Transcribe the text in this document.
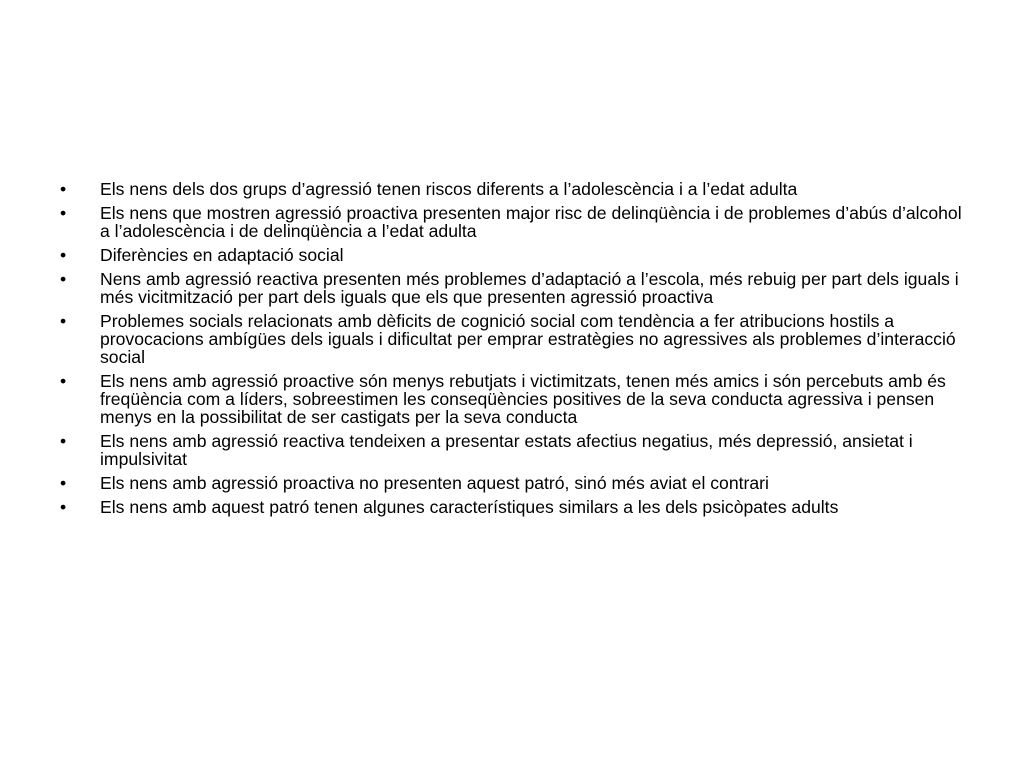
•	Els nens dels dos grups d’agressió tenen riscos diferents a l’adolescència i a l’edat adulta
•	Els nens que mostren agressió proactiva presenten major risc de delinqüència i de problemes d’abús d’alcohol a l’adolescència i de delinqüència a l’edat adulta
•	Diferències en adaptació social
•	Nens amb agressió reactiva presenten més problemes d’adaptació a l’escola, més rebuig per part dels iguals i més vicitmització per part dels iguals que els que presenten agressió proactiva
•	Problemes socials relacionats amb dèficits de cognició social com tendència a fer atribucions hostils a provocacions ambígües dels iguals i dificultat per emprar estratègies no agressives als problemes d’interacció social
•	Els nens amb agressió proactive són menys rebutjats i victimitzats, tenen més amics i són percebuts amb és freqüència com a líders, sobreestimen les conseqüències positives de la seva conducta agressiva i pensen menys en la possibilitat de ser castigats per la seva conducta
•	Els nens amb agressió reactiva tendeixen a presentar estats afectius negatius, més depressió, ansietat i impulsivitat
•	Els nens amb agressió proactiva no presenten aquest patró, sinó més aviat el contrari
•	Els nens amb aquest patró tenen algunes característiques similars a les dels psicòpates adults
